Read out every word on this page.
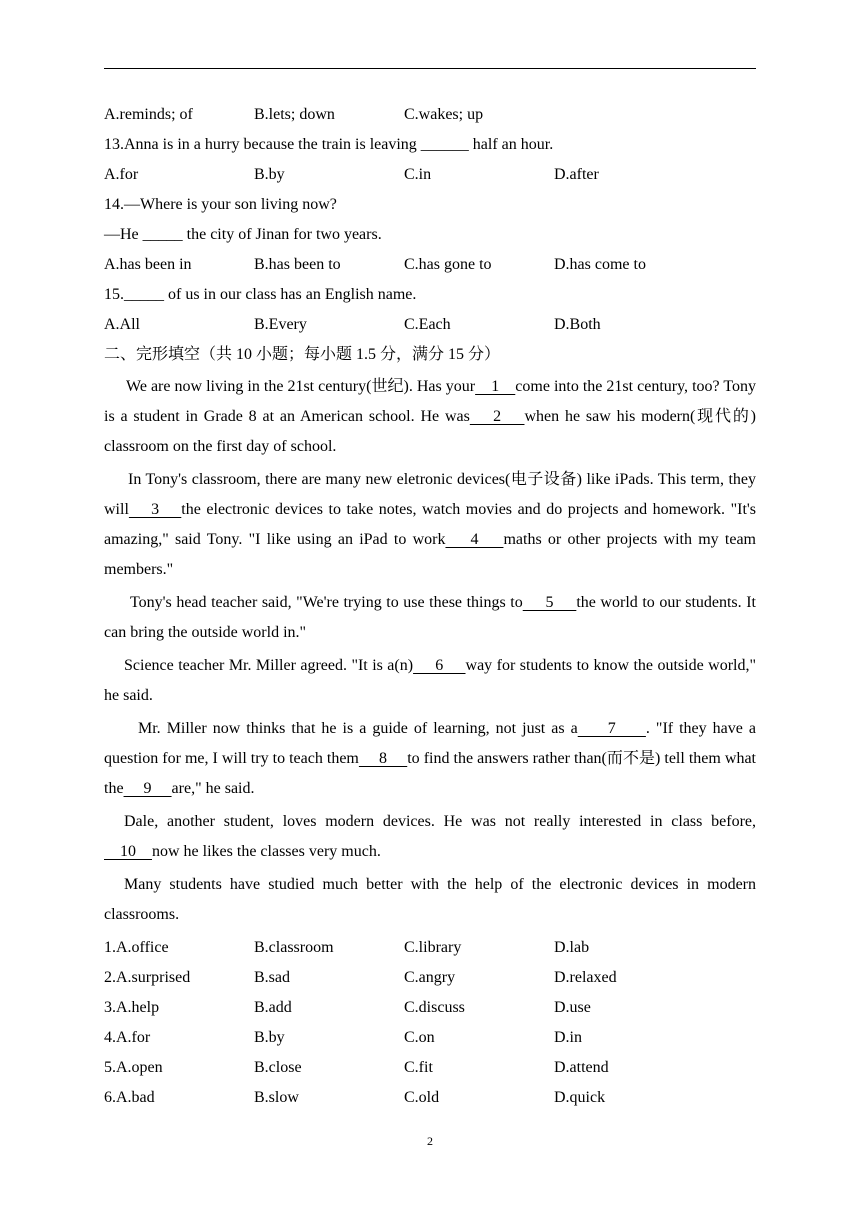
A.reminds; of	B.lets; down	C.wakes; up
13.Anna is in a hurry because the train is leaving ______ half an hour.
A.for	B.by	C.in	D.after
14.—Where is your son living now?
—He _____ the city of Jinan for two years.
A.has been in	B.has been to	C.has gone to	D.has come to
15._____ of us in our class has an English name.
A.All	B.Every	C.Each	D.Both
二、完形填空（共 10 小题；每小题 1.5 分，满分 15 分）
We are now living in the 21st century(世纪). Has your    1    come into the 21st century, too? Tony is a student in Grade 8 at an American school. He was    2    when he saw his modern(现代的) classroom on the first day of school.
In Tony's classroom, there are many new eletronic devices(电子设备) like iPads. This term, they will    3    the electronic devices to take notes, watch movies and do projects and homework. "It's amazing," said Tony. "I like using an iPad to work    4    maths or other projects with my team members."
Tony's head teacher said, "We're trying to use these things to     5     the world to our students. It can bring the outside world in."
Science teacher Mr. Miller agreed. "It is a(n)     6     way for students to know the outside world," he said.
Mr. Miller now thinks that he is a guide of learning, not just as a     7     . "If they have a question for me, I will try to teach them     8     to find the answers rather than(而不是) tell them what the     9     are," he said.
Dale, another student, loves modern devices. He was not really interested in class before,     10    now he likes the classes very much.
Many students have studied much better with the help of the electronic devices in modern classrooms.
1.A.office	B.classroom	C.library	D.lab
2.A.surprised	B.sad	C.angry	D.relaxed
3.A.help	B.add	C.discuss	D.use
4.A.for	B.by	C.on	D.in
5.A.open	B.close	C.fit	D.attend
6.A.bad	B.slow	C.old	D.quick
2
